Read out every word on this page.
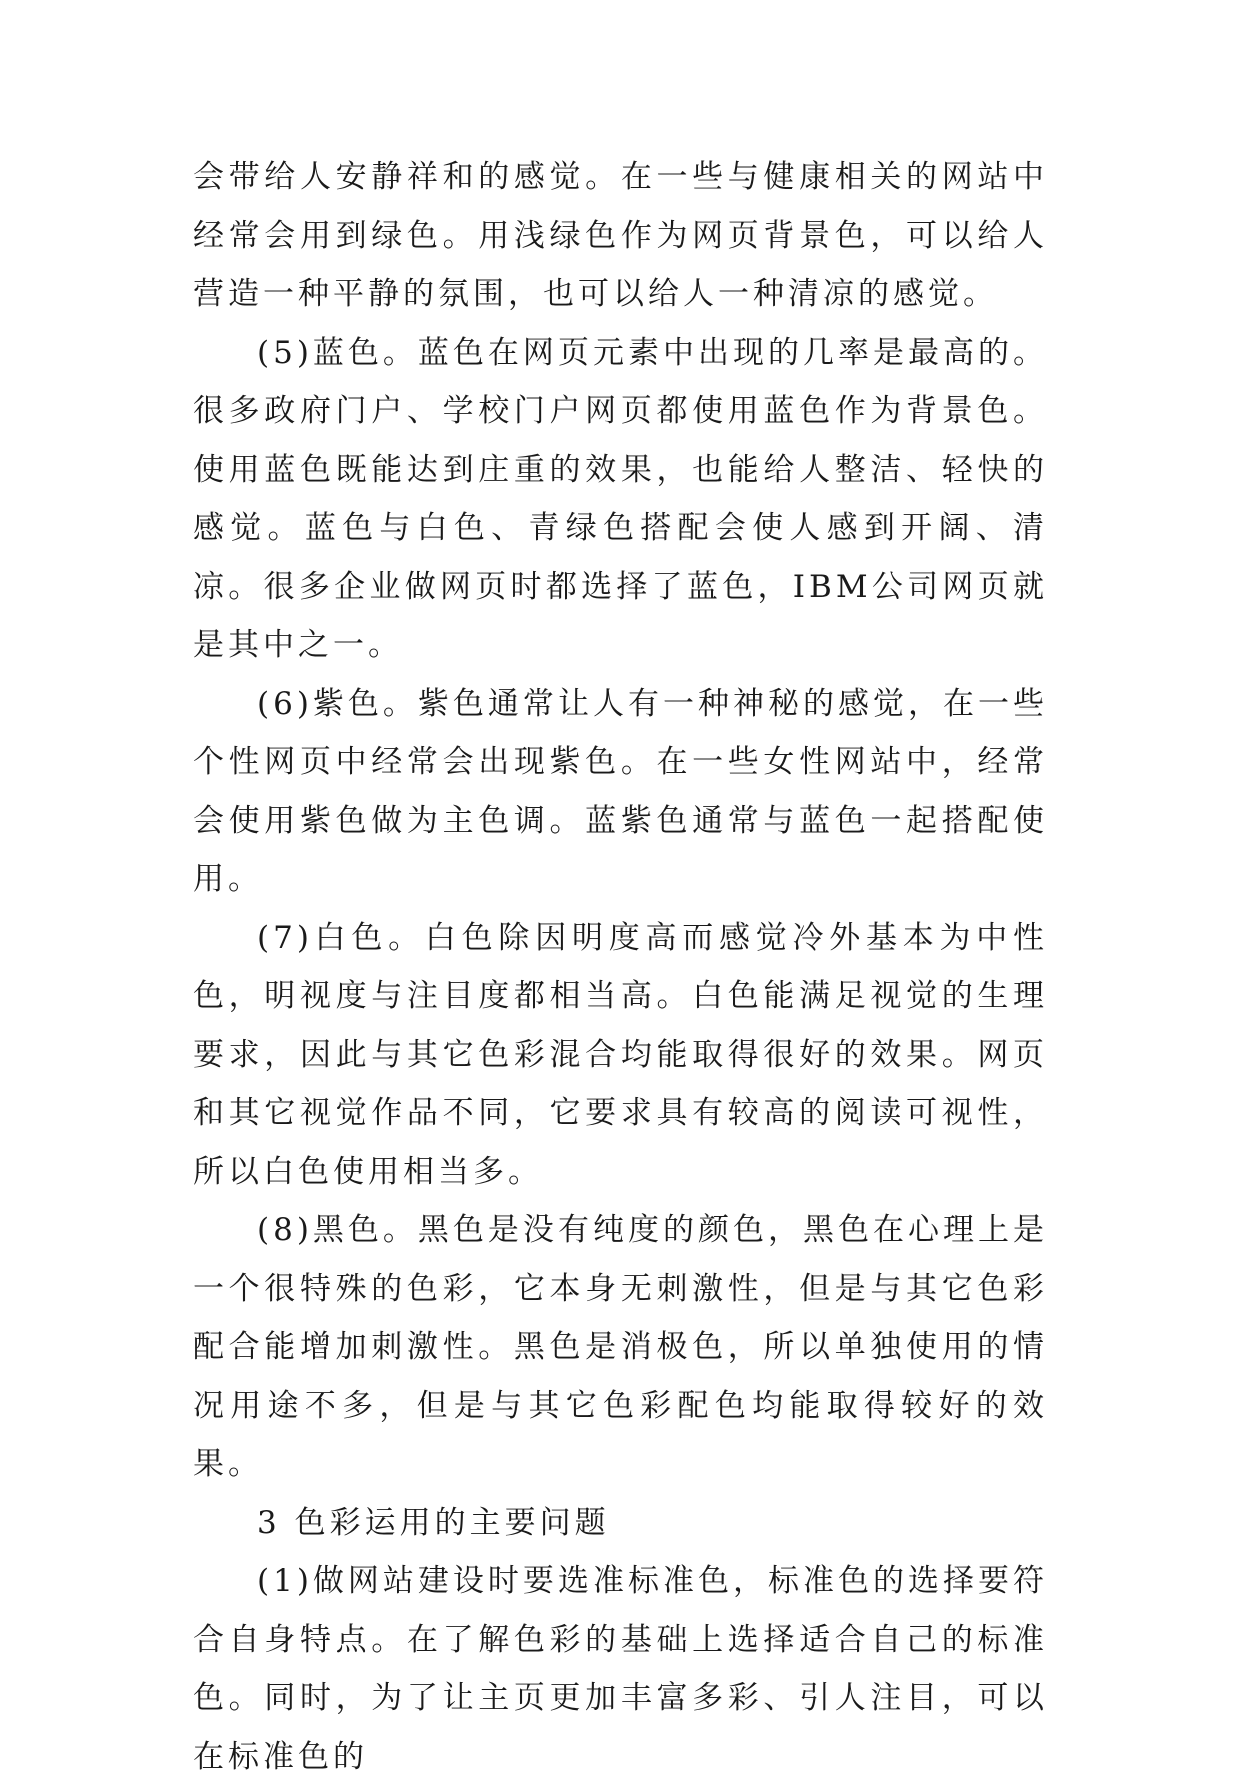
会带给人安静祥和的感觉。在一些与健康相关的网站中经常会用到绿色。用浅绿色作为网页背景色，可以给人营造一种平静的氛围，也可以给人一种清凉的感觉。

(5)蓝色。蓝色在网页元素中出现的几率是最高的。很多政府门户、学校门户网页都使用蓝色作为背景色。使用蓝色既能达到庄重的效果，也能给人整洁、轻快的感觉。蓝色与白色、青绿色搭配会使人感到开阔、清凉。很多企业做网页时都选择了蓝色，IBM公司网页就是其中之一。

(6)紫色。紫色通常让人有一种神秘的感觉，在一些个性网页中经常会出现紫色。在一些女性网站中，经常会使用紫色做为主色调。蓝紫色通常与蓝色一起搭配使用。

(7)白色。白色除因明度高而感觉冷外基本为中性色，明视度与注目度都相当高。白色能满足视觉的生理要求，因此与其它色彩混合均能取得很好的效果。网页和其它视觉作品不同，它要求具有较高的阅读可视性，所以白色使用相当多。

(8)黑色。黑色是没有纯度的颜色，黑色在心理上是一个很特殊的色彩，它本身无刺激性，但是与其它色彩配合能增加刺激性。黑色是消极色，所以单独使用的情况用途不多，但是与其它色彩配色均能取得较好的效果。

3 色彩运用的主要问题

(1)做网站建设时要选准标准色，标准色的选择要符合自身特点。在了解色彩的基础上选择适合自己的标准色。同时，为了让主页更加丰富多彩、引人注目，可以在标准色的
